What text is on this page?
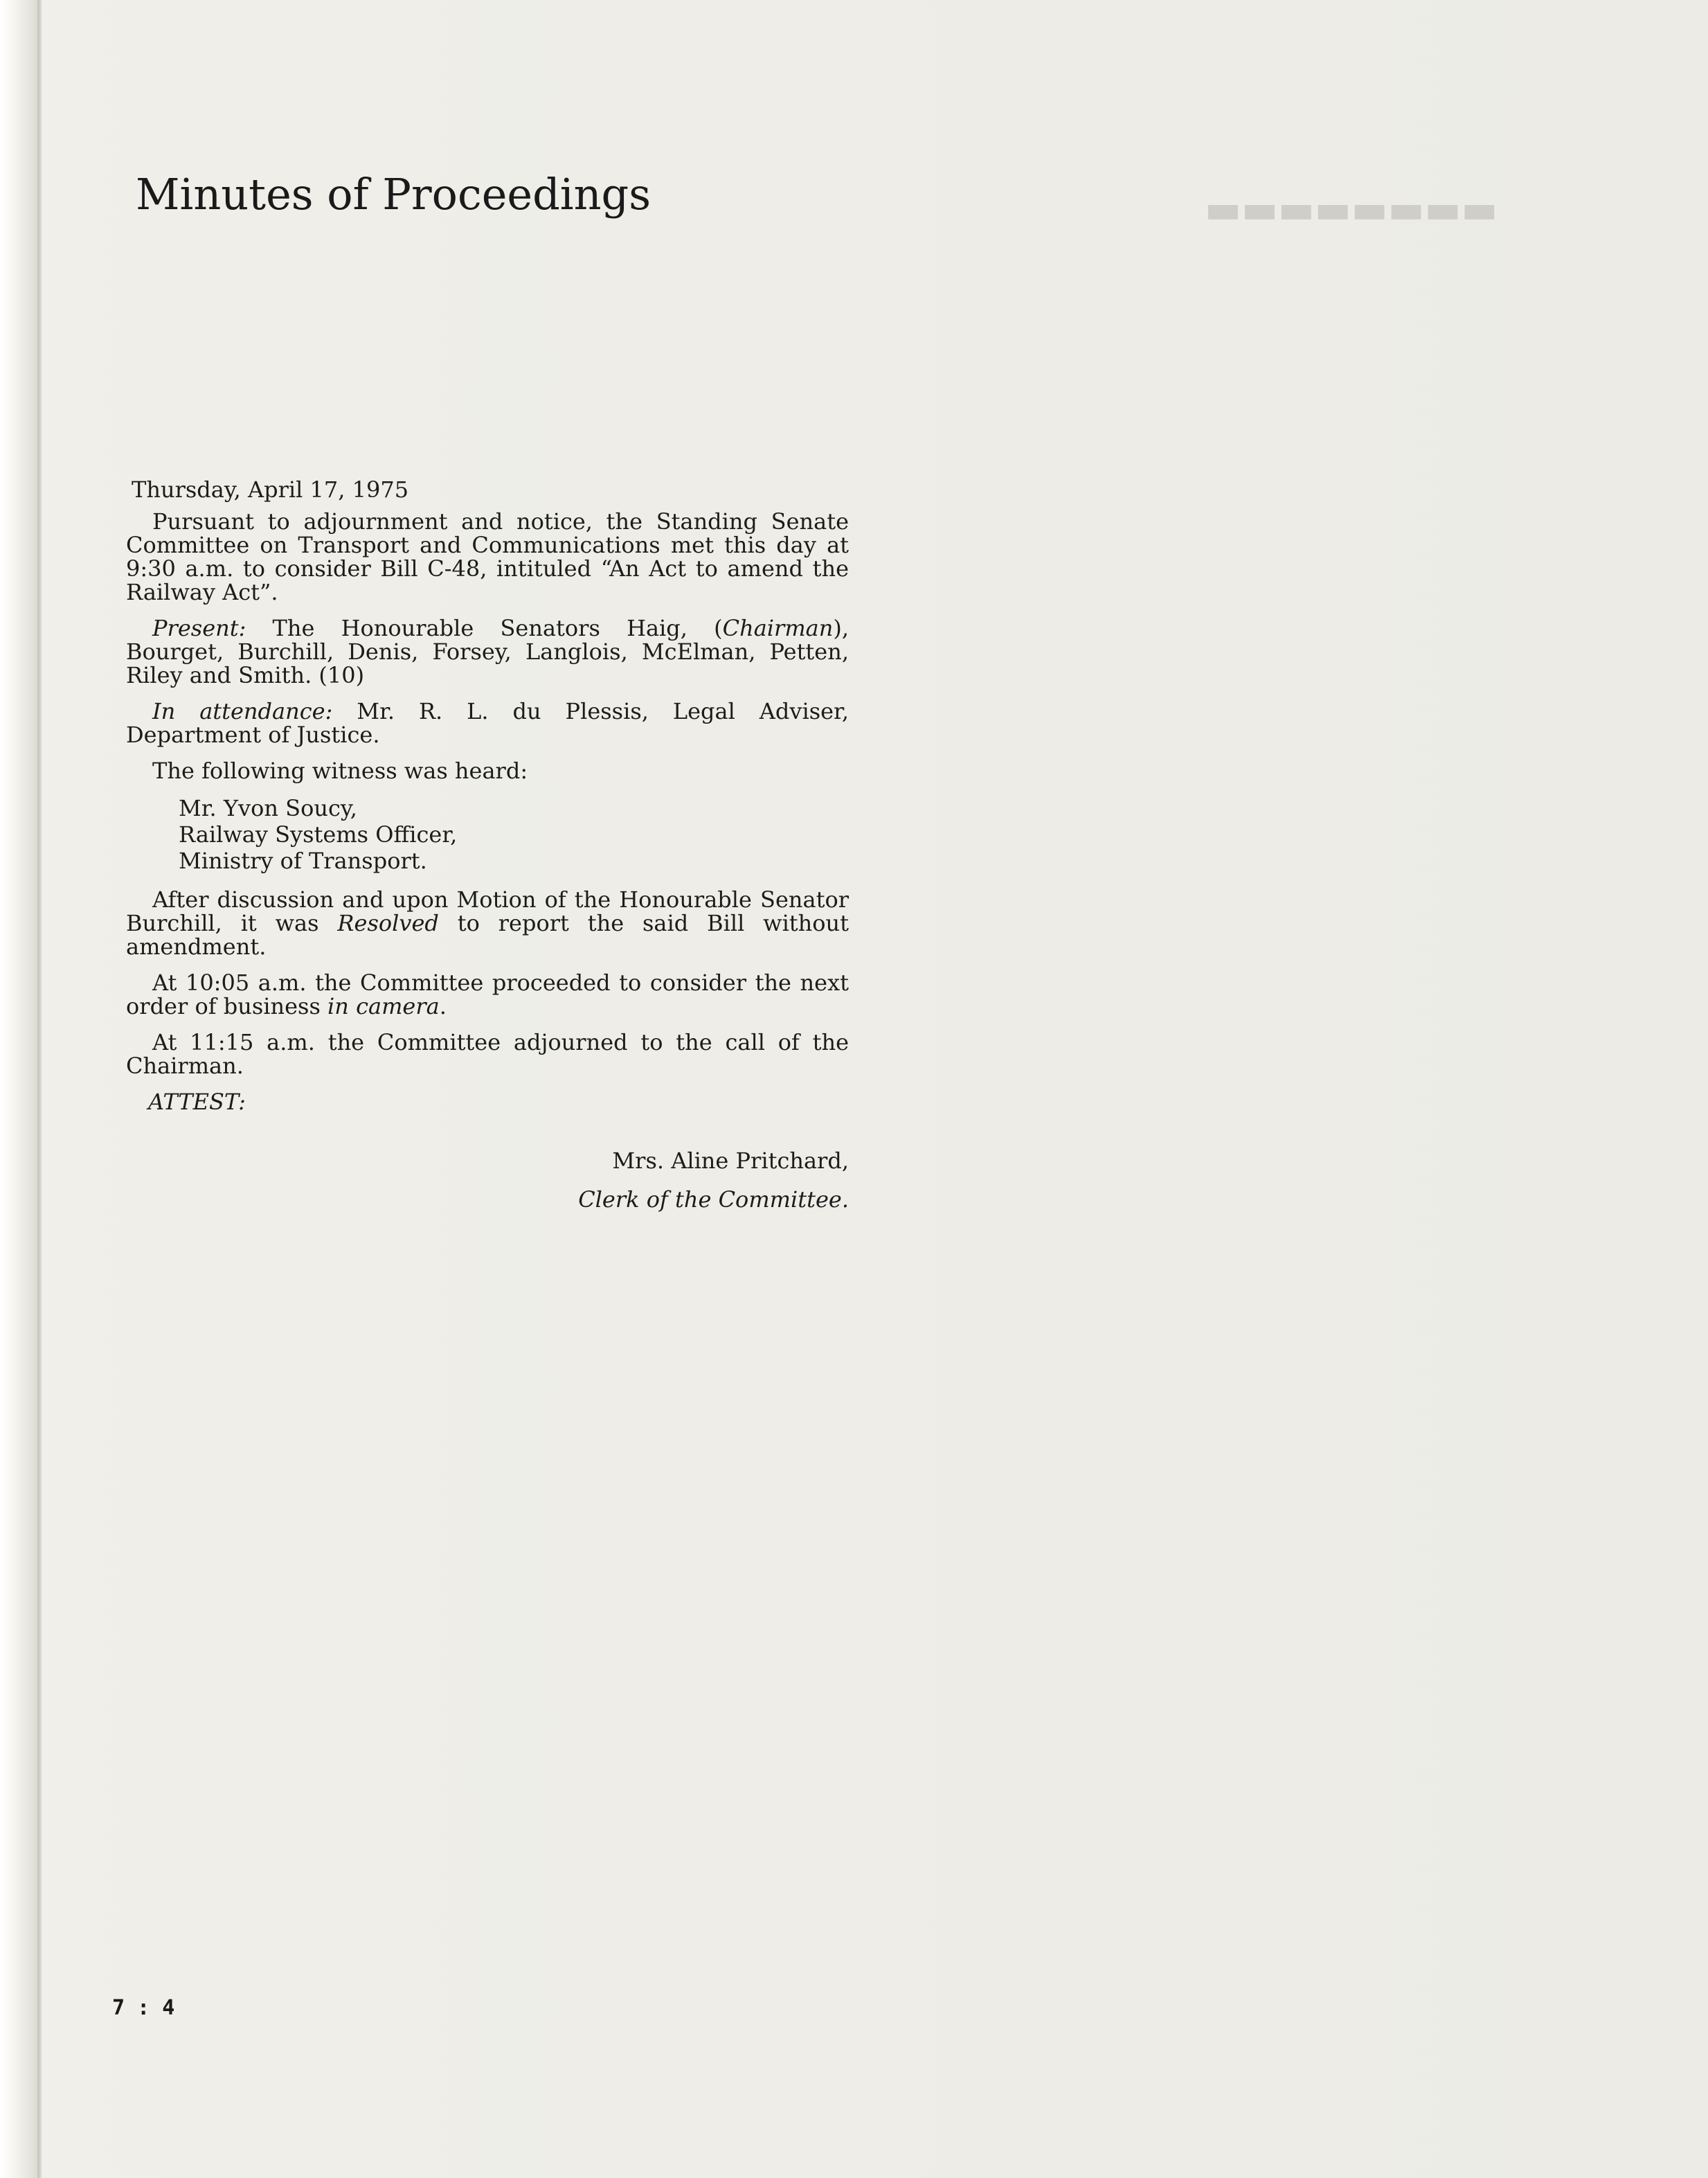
▬▬▬▬▬▬▬▬
Minutes of Proceedings

Thursday, April 17, 1975

Pursuant to adjournment and notice, the Standing Senate Committee on Transport and Communications met this day at 9:30 a.m. to consider Bill C-48, intituled “An Act to amend the Railway Act”.

Present: The Honourable Senators Haig, (Chairman), Bourget, Burchill, Denis, Forsey, Langlois, McElman, Petten, Riley and Smith. (10)

In attendance: Mr. R. L. du Plessis, Legal Adviser, Department of Justice.

The following witness was heard:

Mr. Yvon Soucy,
Railway Systems Officer,
Ministry of Transport.

After discussion and upon Motion of the Honourable Senator Burchill, it was Resolved to report the said Bill without amendment.

At 10:05 a.m. the Committee proceeded to consider the next order of business in camera.

At 11:15 a.m. the Committee adjourned to the call of the Chairman.

ATTEST:
Mrs. Aline Pritchard,
Clerk of the Committee.
7 : 4
